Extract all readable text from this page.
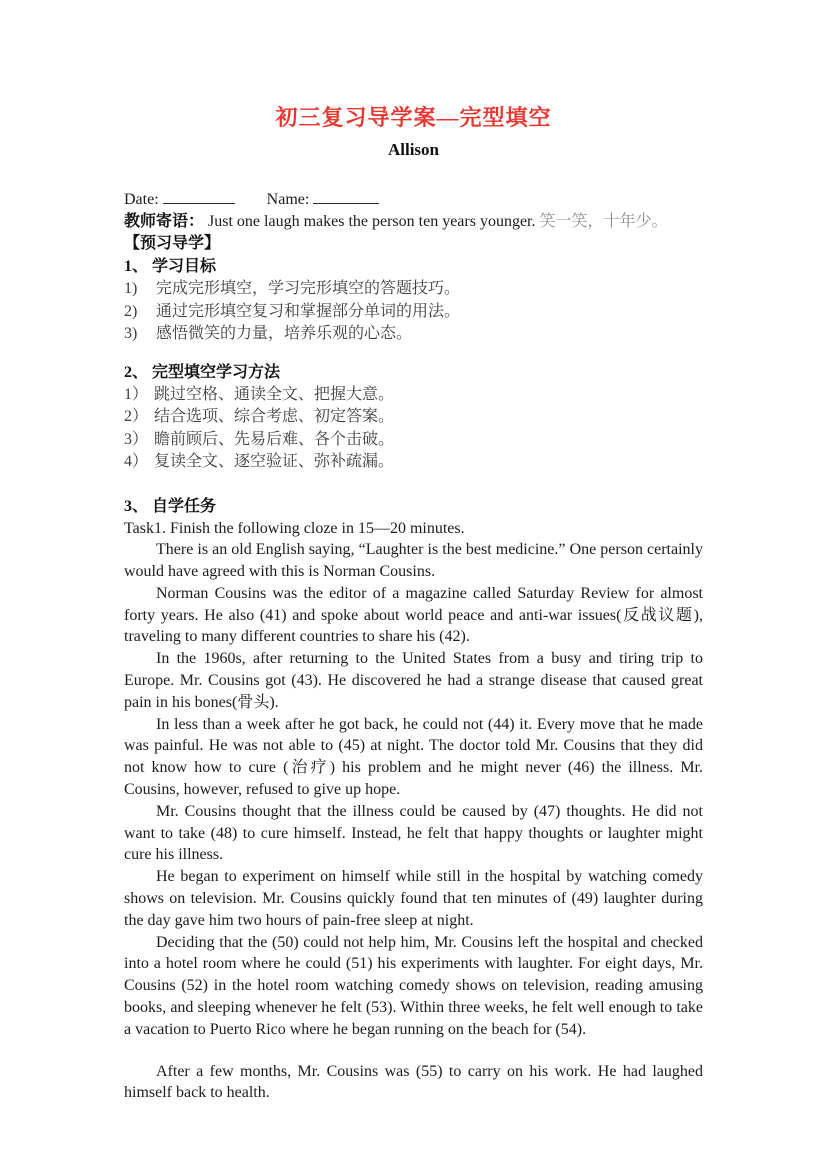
初三复习导学案—完型填空
Allison
Date:	Name:
教师寄语： Just one laugh makes the person ten years younger. 笑一笑，十年少。
【预习导学】
1、 学习目标
1)	完成完形填空，学习完形填空的答题技巧。
2)	通过完形填空复习和掌握部分单词的用法。
3)	感悟微笑的力量，培养乐观的心态。
2、 完型填空学习方法
1） 跳过空格、通读全文、把握大意。
2） 结合选项、综合考虑、初定答案。
3） 瞻前顾后、先易后难、各个击破。
4） 复读全文、逐空验证、弥补疏漏。
3、 自学任务
Task1. Finish the following cloze in 15—20 minutes.

There is an old English saying, “Laughter is the best medicine.” One person certainly would have agreed with this is Norman Cousins.

Norman Cousins was the editor of a magazine called Saturday Review for almost forty years. He also (41) and spoke about world peace and anti-war issues(反战议题), traveling to many different countries to share his (42).

In the 1960s, after returning to the United States from a busy and tiring trip to Europe. Mr. Cousins got (43). He discovered he had a strange disease that caused great pain in his bones(骨头).

In less than a week after he got back, he could not (44) it. Every move that he made was painful. He was not able to (45) at night. The doctor told Mr. Cousins that they did not know how to cure (治疗) his problem and he might never (46) the illness. Mr. Cousins, however, refused to give up hope.

Mr. Cousins thought that the illness could be caused by (47) thoughts. He did not want to take (48) to cure himself. Instead, he felt that happy thoughts or laughter might cure his illness.

He began to experiment on himself while still in the hospital by watching comedy shows on television. Mr. Cousins quickly found that ten minutes of (49) laughter during the day gave him two hours of pain-free sleep at night.

Deciding that the (50) could not help him, Mr. Cousins left the hospital and checked into a hotel room where he could (51) his experiments with laughter. For eight days, Mr. Cousins (52) in the hotel room watching comedy shows on television, reading amusing books, and sleeping whenever he felt (53). Within three weeks, he felt well enough to take a vacation to Puerto Rico where he began running on the beach for (54).

After a few months, Mr. Cousins was (55) to carry on his work. He had laughed himself back to health.
